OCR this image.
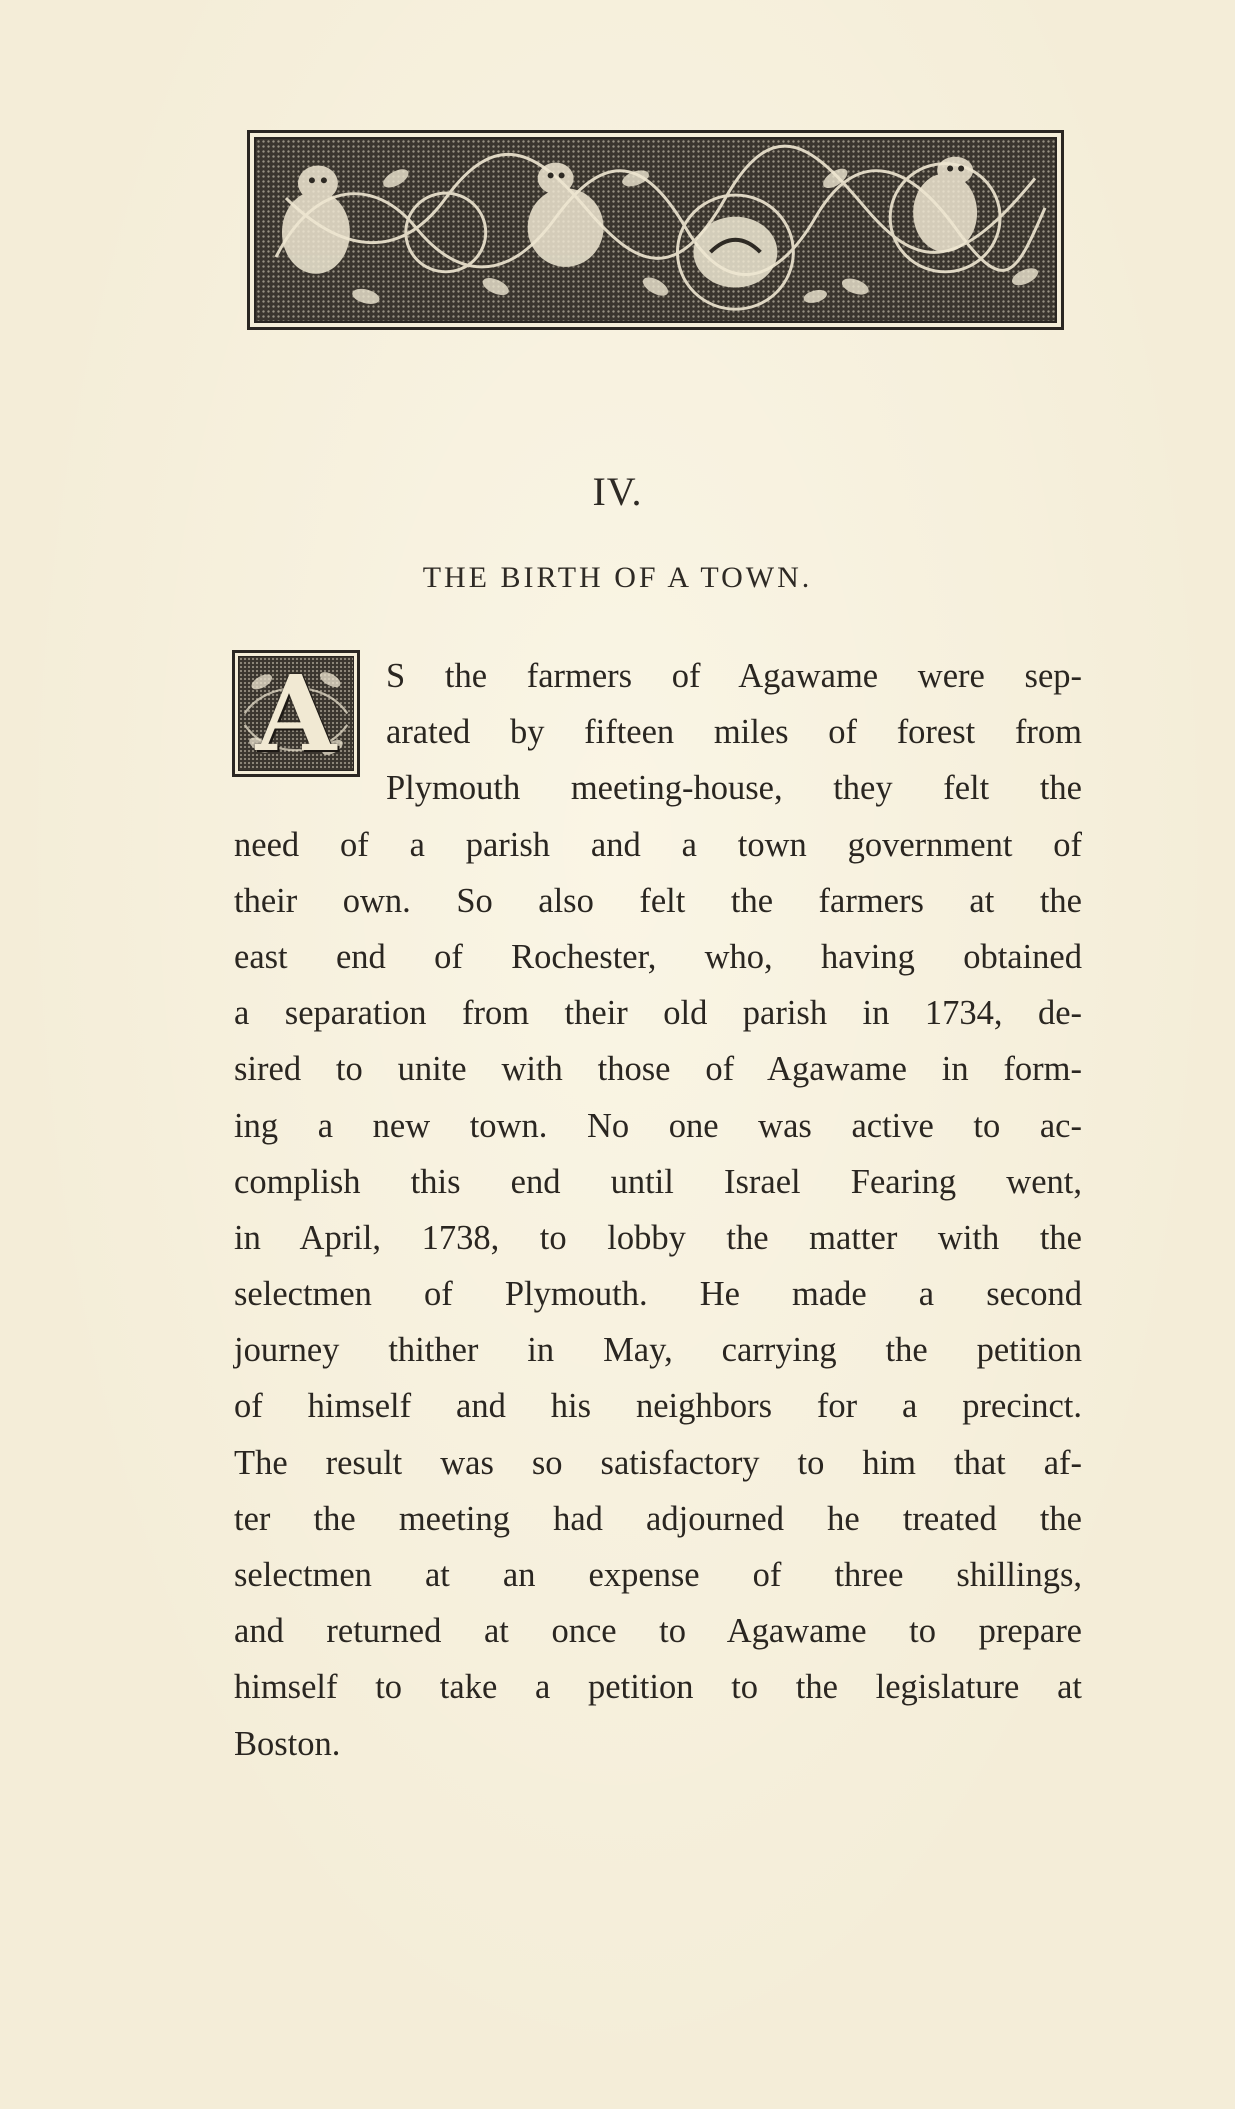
IV.
THE BIRTH OF A TOWN.
A	S the farmers of Agawame were sep-
arated by fifteen miles of forest from
Plymouth meeting-house, they felt the
need of a parish and a town government of
their own. So also felt the farmers at the
east end of Rochester, who, having obtained
a separation from their old parish in 1734, de-
sired to unite with those of Agawame in form-
ing a new town. No one was active to ac-
complish this end until Israel Fearing went,
in April, 1738, to lobby the matter with the
selectmen of Plymouth. He made a second
journey thither in May, carrying the petition
of himself and his neighbors for a precinct.
The result was so satisfactory to him that af-
ter the meeting had adjourned he treated the
selectmen at an expense of three shillings,
and returned at once to Agawame to prepare
himself to take a petition to the legislature at
Boston.
